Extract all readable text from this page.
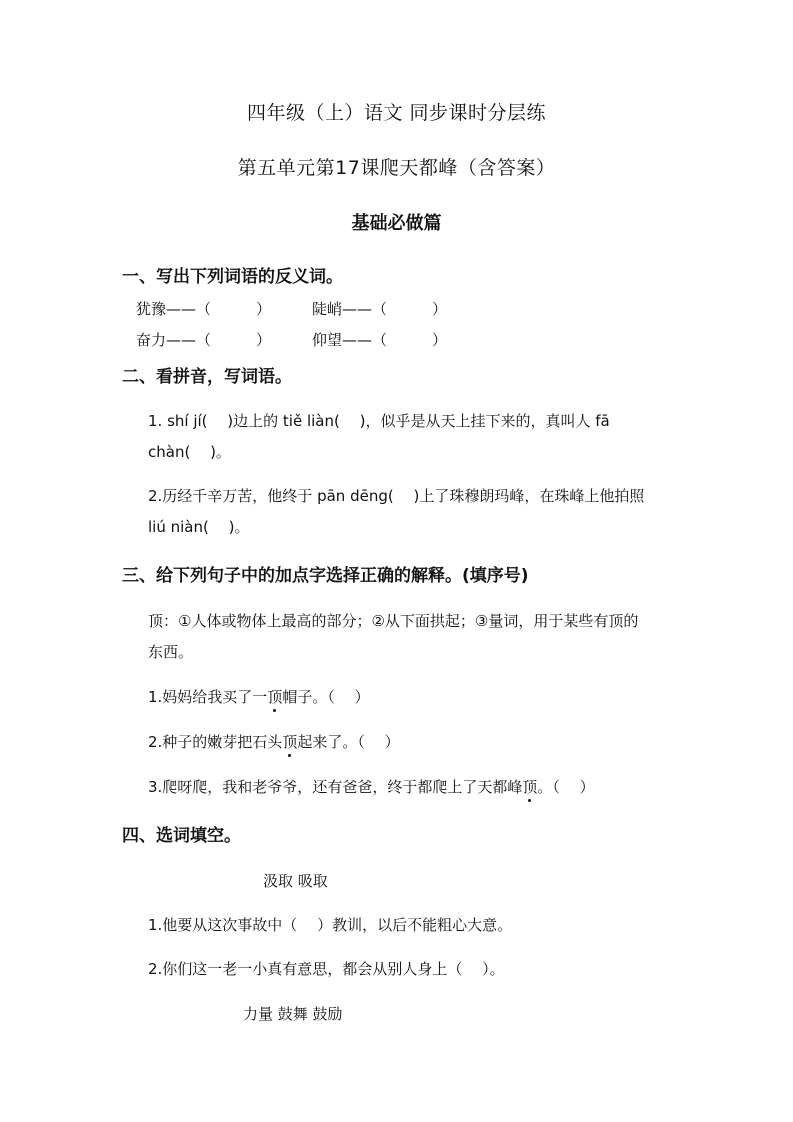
四年级（上）语文 同步课时分层练
第五单元第17课爬天都峰（含答案）
基础必做篇
一、写出下列词语的反义词。
犹豫——（　　　）	陡峭——（　　　）
奋力——（　　　）	仰望——（　　　）
二、看拼音，写词语。
1. shí jí(　 )边上的 tiě liàn(　 )，似乎是从天上挂下来的，真叫人 fā
chàn(　 )。
2.历经千辛万苦，他终于 pān dēng(　 )上了珠穆朗玛峰，在珠峰上他拍照
liú niàn(　 )。
三、给下列句子中的加点字选择正确的解释。(填序号)
顶：①人体或物体上最高的部分；②从下面拱起；③量词，用于某些有顶的
东西。
1.妈妈给我买了一顶帽子。（　 ）
2.种子的嫩芽把石头顶起来了。（　 ）
3.爬呀爬，我和老爷爷，还有爸爸，终于都爬上了天都峰顶。（　 ）
四、选词填空。
汲取 吸取
1.他要从这次事故中（　 ）教训，以后不能粗心大意。
2.你们这一老一小真有意思，都会从别人身上（　 ）。
力量 鼓舞 鼓励
